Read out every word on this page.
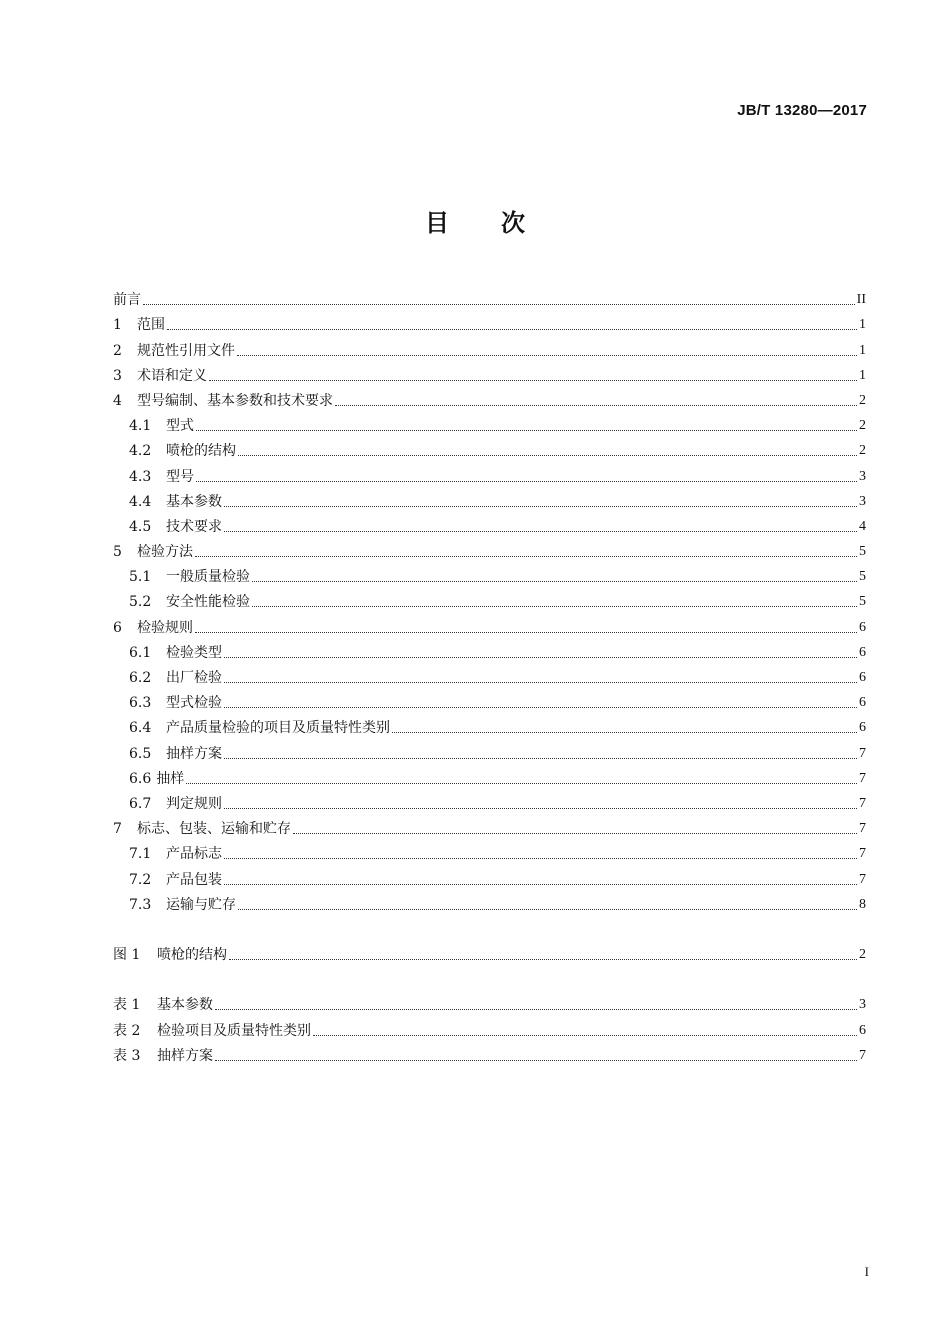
JB/T 13280—2017
目 次
前言	II
1	范围	1
2	规范性引用文件	1
3	术语和定义	1
4	型号编制、基本参数和技术要求	2
4.1	型式	2
4.2	喷枪的结构	2
4.3	型号	3
4.4	基本参数	3
4.5	技术要求	4
5	检验方法	5
5.1	一般质量检验	5
5.2	安全性能检验	5
6	检验规则	6
6.1	检验类型	6
6.2	出厂检验	6
6.3	型式检验	6
6.4	产品质量检验的项目及质量特性类别	6
6.5	抽样方案	7
6.6 抽样	7
6.7	判定规则	7
7	标志、包装、运输和贮存	7
7.1	产品标志	7
7.2	产品包装	7
7.3	运输与贮存	8
图 1	喷枪的结构	2
表 1	基本参数	3
表 2	检验项目及质量特性类别	6
表 3	抽样方案	7
I
